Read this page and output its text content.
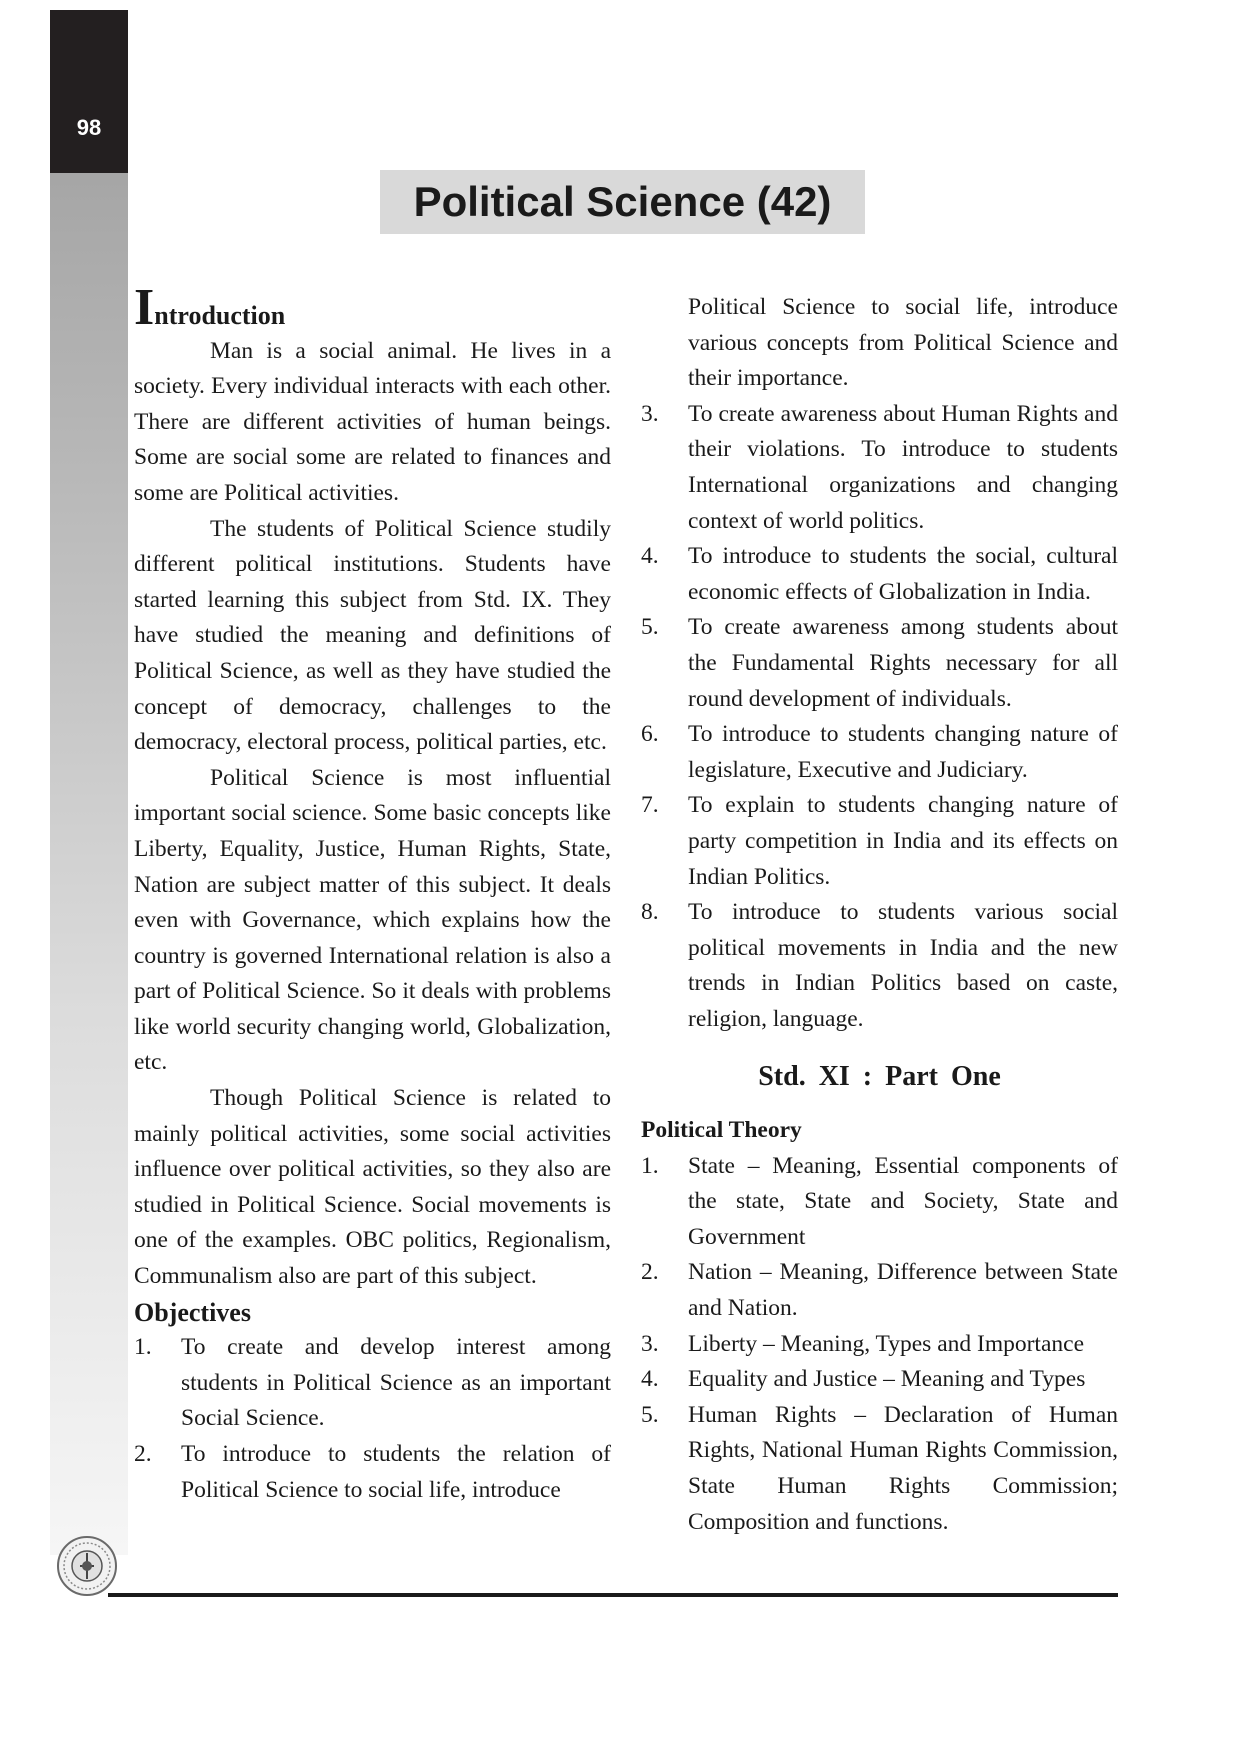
98
Political Science (42)
Introduction

Man is a social animal. He lives in a society. Every individual interacts with each other. There are different activities of human beings. Some are social some are related to finances and some are Political activities.

The students of Political Science studily different political institutions. Students have started learning this subject from Std. IX. They have studied the meaning and definitions of Political Science, as well as they have studied the concept of democracy, challenges to the democracy, electoral process, political parties, etc.

Political Science is most influential important social science. Some basic concepts like Liberty, Equality, Justice, Human Rights, State, Nation are subject matter of this subject. It deals even with Governance, which explains how the country is governed International relation is also a part of Political Science. So it deals with problems like world security changing world, Globalization, etc.

Though Political Science is related to mainly political activities, some social activities influence over political activities, so they also are studied in Political Science. Social movements is one of the examples. OBC politics, Regionalism, Communalism also are part of this subject.

Objectives
1.	To create and develop interest among students in Political Science as an important Social Science.
2.	To introduce to students the relation of Political Science to social life, introduce
Political Science to social life, introduce various concepts from Political Science and their importance.
3.	To create awareness about Human Rights and their violations. To introduce to students International organizations and changing context of world politics.
4.	To introduce to students the social, cultural economic effects of Globalization in India.
5.	To create awareness among students about the Fundamental Rights necessary for all round development of individuals.
6.	To introduce to students changing nature of legislature, Executive and Judiciary.
7.	To explain to students changing nature of party competition in India and its effects on Indian Politics.
8.	To introduce to students various social political movements in India and the new trends in Indian Politics based on caste, religion, language.
Std. XI : Part One
Political Theory
1.	State – Meaning, Essential components of the state, State and Society, State and Government
2.	Nation – Meaning, Difference between State and Nation.
3.	Liberty – Meaning, Types and Importance
4.	Equality and Justice – Meaning and Types
5.	Human Rights – Declaration of Human Rights, National Human Rights Commission, State Human Rights Commission; Composition and functions.
